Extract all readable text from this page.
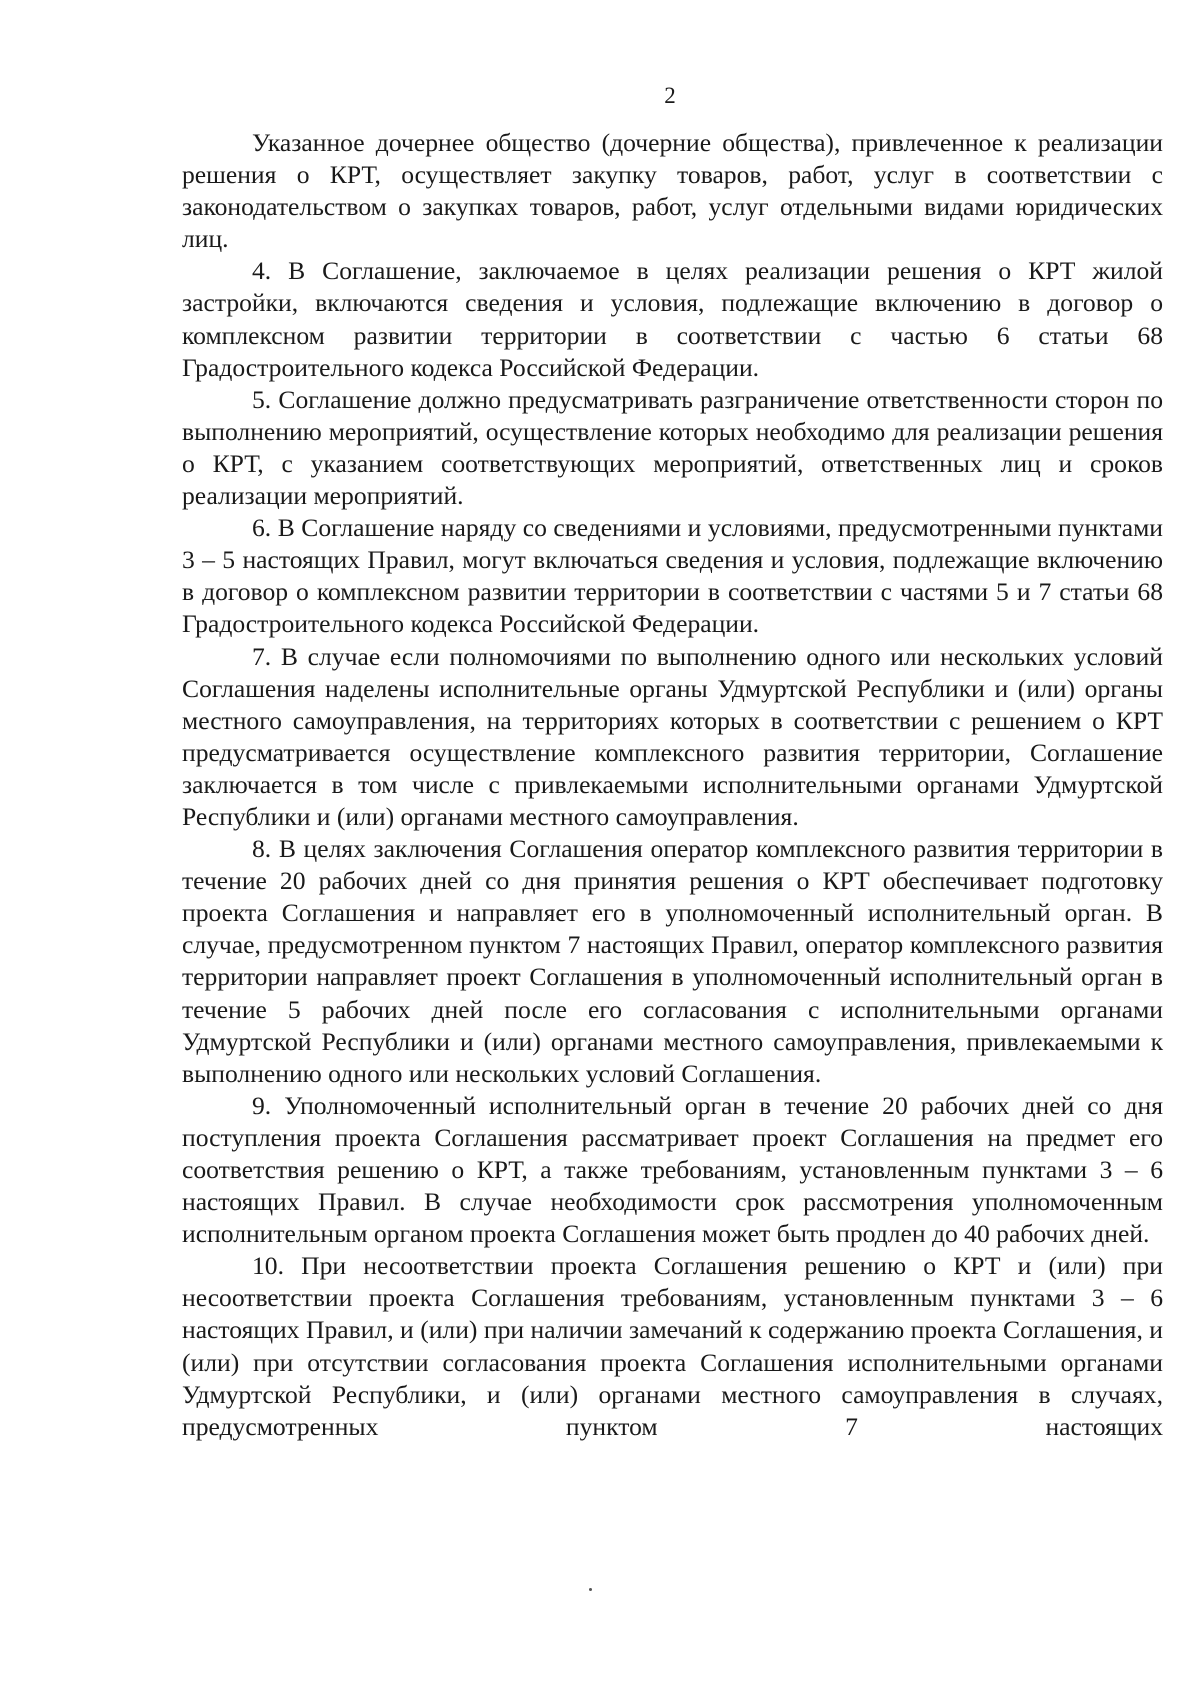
2

Указанное дочернее общество (дочерние общества), привлеченное к реализации решения о КРТ, осуществляет закупку товаров, работ, услуг в соответствии с законодательством о закупках товаров, работ, услуг отдельными видами юридических лиц.

4. В Соглашение, заключаемое в целях реализации решения о КРТ жилой застройки, включаются сведения и условия, подлежащие включению в договор о комплексном развитии территории в соответствии с частью 6 статьи 68 Градостроительного кодекса Российской Федерации.

5. Соглашение должно предусматривать разграничение ответственности сторон по выполнению мероприятий, осуществление которых необходимо для реализации решения о КРТ, с указанием соответствующих мероприятий, ответственных лиц и сроков реализации мероприятий.

6. В Соглашение наряду со сведениями и условиями, предусмотренными пунктами 3 – 5 настоящих Правил, могут включаться сведения и условия, подлежащие включению в договор о комплексном развитии территории в соответствии с частями 5 и 7 статьи 68 Градостроительного кодекса Российской Федерации.

7. В случае если полномочиями по выполнению одного или нескольких условий Соглашения наделены исполнительные органы Удмуртской Республики и (или) органы местного самоуправления, на территориях которых в соответствии с решением о КРТ предусматривается осуществление комплексного развития территории, Соглашение заключается в том числе с привлекаемыми исполнительными органами Удмуртской Республики и (или) органами местного самоуправления.

8. В целях заключения Соглашения оператор комплексного развития территории в течение 20 рабочих дней со дня принятия решения о КРТ обеспечивает подготовку проекта Соглашения и направляет его в уполномоченный исполнительный орган. В случае, предусмотренном пунктом 7 настоящих Правил, оператор комплексного развития территории направляет проект Соглашения в уполномоченный исполнительный орган в течение 5 рабочих дней после его согласования с исполнительными органами Удмуртской Республики и (или) органами местного самоуправления, привлекаемыми к выполнению одного или нескольких условий Соглашения.

9. Уполномоченный исполнительный орган в течение 20 рабочих дней со дня поступления проекта Соглашения рассматривает проект Соглашения на предмет его соответствия решению о КРТ, а также требованиям, установленным пунктами 3 – 6 настоящих Правил. В случае необходимости срок рассмотрения уполномоченным исполнительным органом проекта Соглашения может быть продлен до 40 рабочих дней.

10. При несоответствии проекта Соглашения решению о КРТ и (или) при несоответствии проекта Соглашения требованиям, установленным пунктами 3 – 6 настоящих Правил, и (или) при наличии замечаний к содержанию проекта Соглашения, и (или) при отсутствии согласования проекта Соглашения исполнительными органами Удмуртской Республики, и (или) органами местного самоуправления в случаях, предусмотренных пунктом 7 настоящих
